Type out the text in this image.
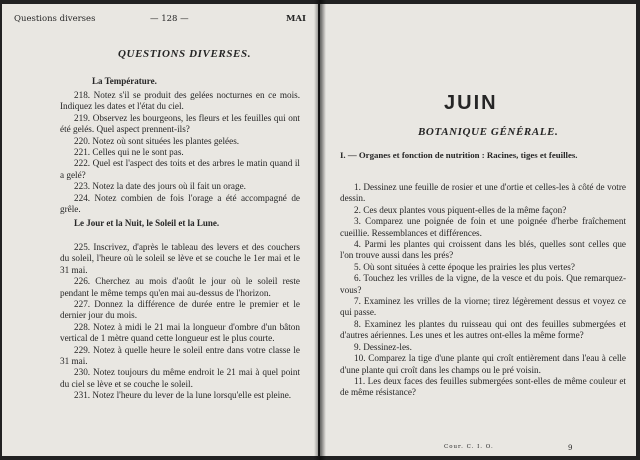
Questions diverses	— 128 —	MAI
QUESTIONS DIVERSES.
La Température.
218. Notez s'il se produit des gelées nocturnes en ce mois. Indiquez les dates et l'état du ciel.
219. Observez les bourgeons, les fleurs et les feuilles qui ont été gelés. Quel aspect prennent-ils?
220. Notez où sont situées les plantes gelées.
221. Celles qui ne le sont pas.
222. Quel est l'aspect des toits et des arbres le matin quand il a gelé?
223. Notez la date des jours où il fait un orage.
224. Notez combien de fois l'orage a été accompagné de grêle.
Le Jour et la Nuit, le Soleil et la Lune.
225. Inscrivez, d'après le tableau des levers et des couchers du soleil, l'heure où le soleil se lève et se couche le 1er mai et le 31 mai.
226. Cherchez au mois d'août le jour où le soleil reste pendant le même temps qu'en mai au-dessus de l'horizon.
227. Donnez la différence de durée entre le premier et le dernier jour du mois.
228. Notez à midi le 21 mai la longueur d'ombre d'un bâton vertical de 1 mètre quand cette longueur est le plus courte.
229. Notez à quelle heure le soleil entre dans votre classe le 31 mai.
230. Notez toujours du même endroit le 21 mai à quel point du ciel se lève et se couche le soleil.
231. Notez l'heure du lever de la lune lorsqu'elle est pleine.
JUIN
BOTANIQUE GÉNÉRALE.
I. — Organes et fonction de nutrition : Racines, tiges et feuilles.
1. Dessinez une feuille de rosier et une d'ortie et celles-les à côté de votre dessin.
2. Ces deux plantes vous piquent-elles de la même façon?
3. Comparez une poignée de foin et une poignée d'herbe fraîchement cueillie. Ressemblances et différences.
4. Parmi les plantes qui croissent dans les blés, quelles sont celles que l'on trouve aussi dans les prés?
5. Où sont situées à cette époque les prairies les plus vertes?
6. Touchez les vrilles de la vigne, de la vesce et du pois. Que remarquez-vous?
7. Examinez les vrilles de la viorne; tirez légèrement dessus et voyez ce qui passe.
8. Examinez les plantes du ruisseau qui ont des feuilles submergées et d'autres aériennes. Les unes et les autres ont-elles la même forme?
9. Dessinez-les.
10. Comparez la tige d'une plante qui croît entièrement dans l'eau à celle d'une plante qui croît dans les champs ou le pré voisin.
11. Les deux faces des feuilles submergées sont-elles de même couleur et de même résistance?
Cour. C. I. O.	9
